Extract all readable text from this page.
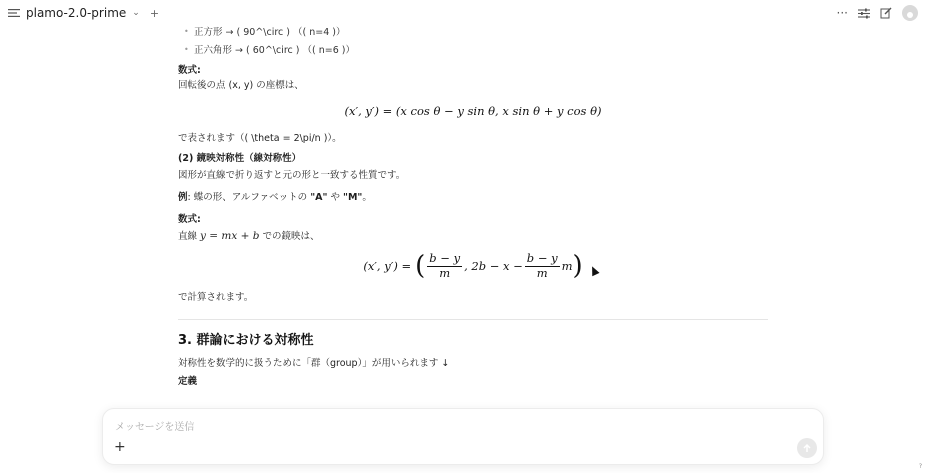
plamo-2.0-prime ⌄ +	···
• 正方形 → ( 90^\circ ) （( n=4 )）
• 正六角形 → ( 60^\circ ) （( n=6 )）

数式:

回転後の点 (x, y) の座標は、

(x′, y′) = (x cos θ − y sin θ, x sin θ + y cos θ)

で表されます（( \theta = 2\pi/n )）。

(2) 鏡映対称性（線対称性）

図形が直線で折り返すと元の形と一致する性質です。

例: 蝶の形、アルファベットの "A" や "M"。

数式:

直線 y = mx + b での鏡映は、

(x′, y′) = ( $\frac{b - y}{m}$ , $2b - x - \frac{b - y}{m}$ m )

で計算されます。

3. 群論における対称性

対称性を数学的に扱うために「群（group）」が用いられます ↓

定義

メッセージを送信
+
?
